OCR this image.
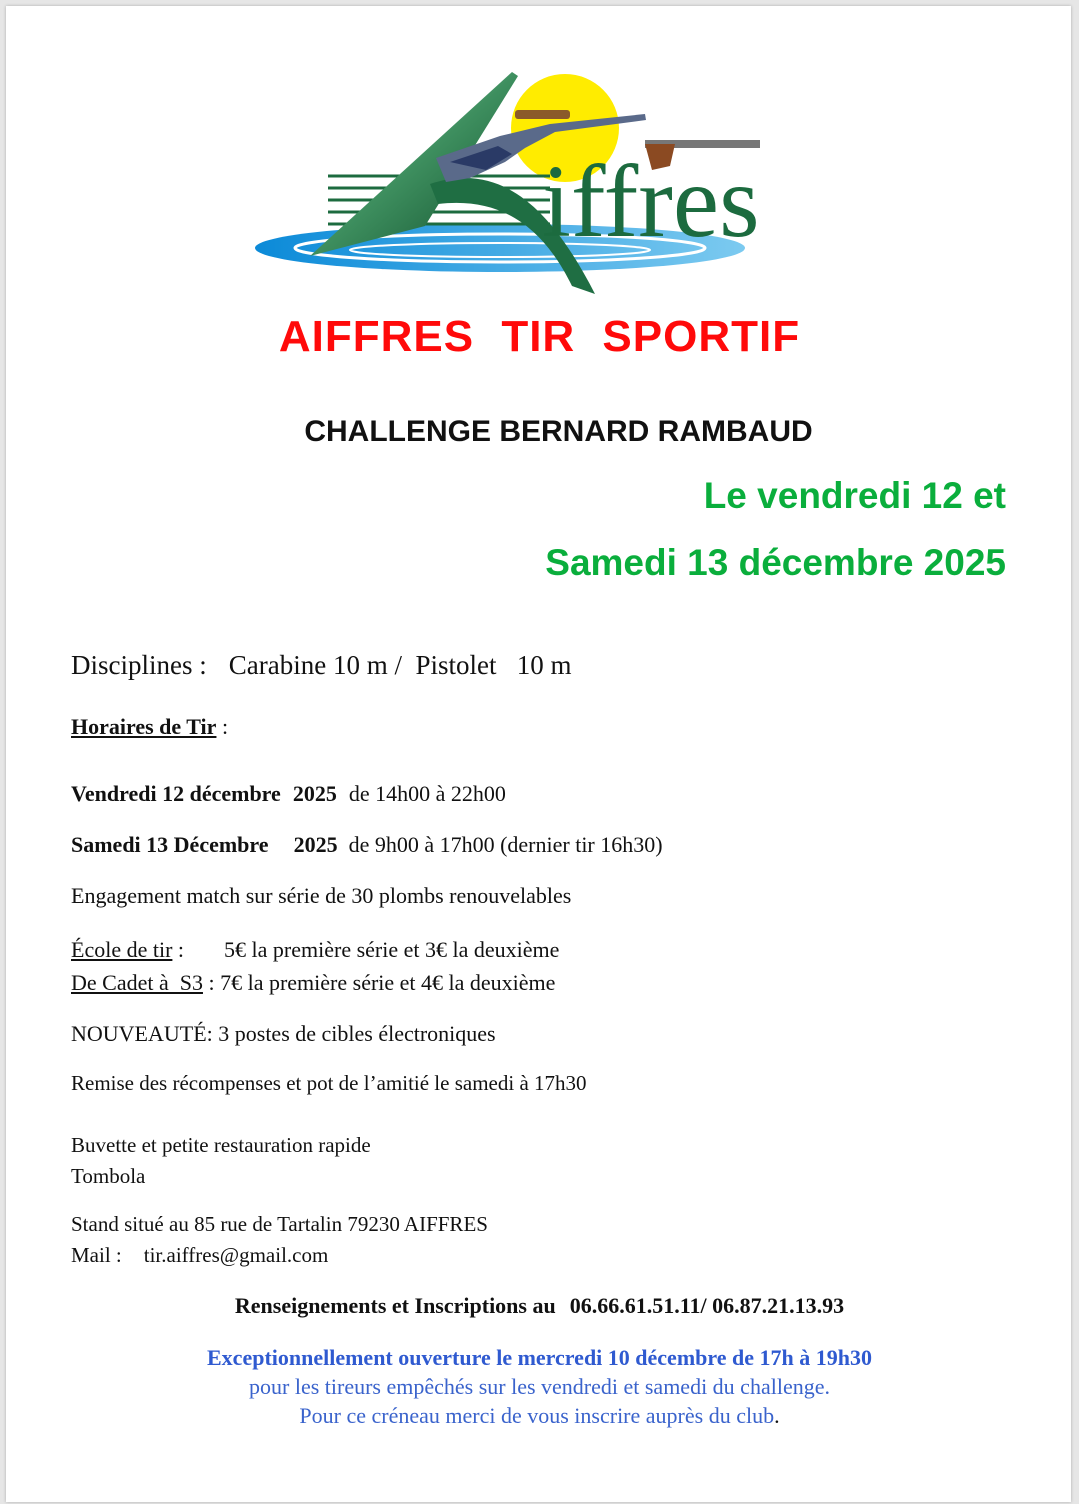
iffres
AIFFRES TIR SPORTIF
CHALLENGE BERNARD RAMBAUD
Le vendredi 12 et
Samedi 13 décembre 2025
Disciplines : Carabine 10 m /  Pistolet   10 m
Horaires de Tir :
Vendredi 12 décembre 2025 de 14h00 à 22h00
Samedi 13 Décembre 2025 de 9h00 à 17h00 (dernier tir 16h30)
Engagement match sur série de 30 plombs renouvelables
École de tir : 5€ la première série et 3€ la deuxième
De Cadet à  S3 : 7€ la première série et 4€ la deuxième
NOUVEAUTÉ: 3 postes de cibles électroniques
Remise des récompenses et pot de l’amitié le samedi à 17h30
Buvette et petite restauration rapide
Tombola
Stand situé au 85 rue de Tartalin 79230 AIFFRES
Mail : tir.aiffres@gmail.com
Renseignements et Inscriptions au 06.66.61.51.11/ 06.87.21.13.93
Exceptionnellement ouverture le mercredi 10 décembre de 17h à 19h30
pour les tireurs empêchés sur les vendredi et samedi du challenge.
Pour ce créneau merci de vous inscrire auprès du club.
